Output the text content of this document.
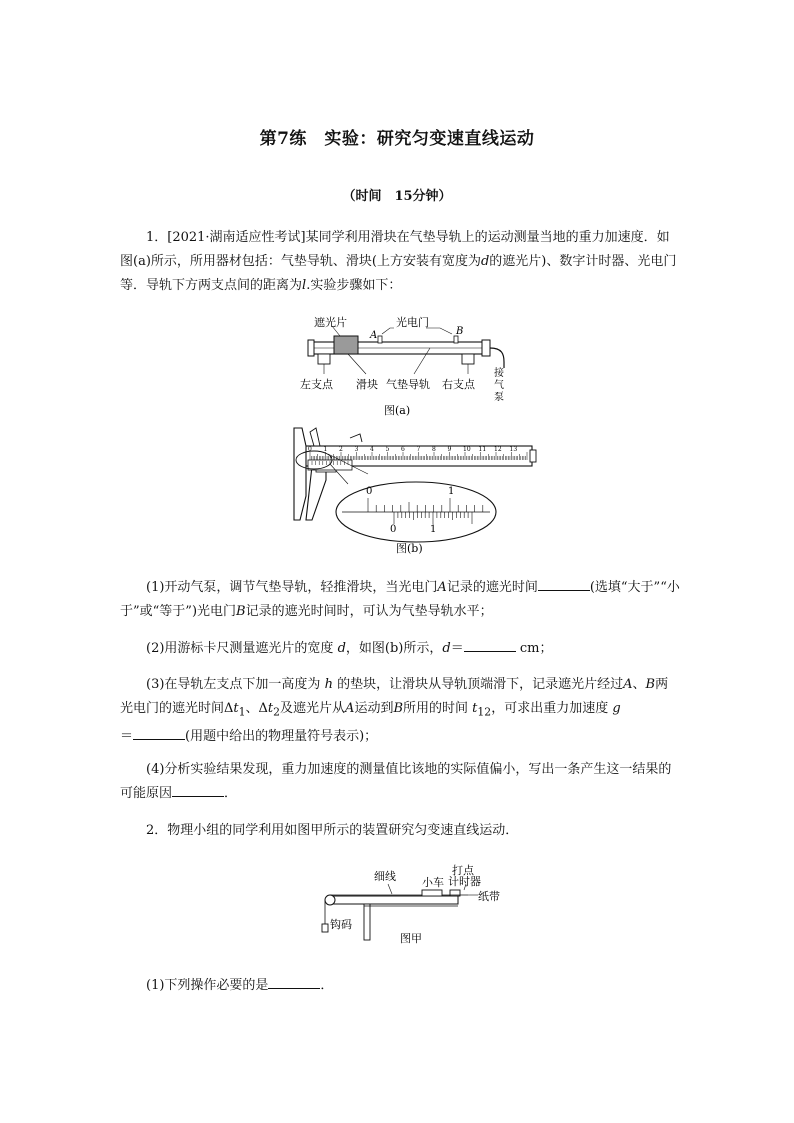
第7练　实验：研究匀变速直线运动
（时间　15分钟）
1．[2021·湖南适应性考试]某同学利用滑块在气垫导轨上的运动测量当地的重力加速度．如图(a)所示，所用器材包括：气垫导轨、滑块(上方安装有宽度为d的遮光片)、数字计时器、光电门等．导轨下方两支点间的距离为l.实验步骤如下：
遮光片	光电门
A	B
左支点 滑块 气垫导轨 右支点
接气泵
图(a)
0 1 2 3 4 5 6 7 8 9 10 11 12 13
0	1
0	1
图(b)
(1)开动气泵，调节气垫导轨，轻推滑块，当光电门A记录的遮光时间	(选填“大于”“小于”或“等于”)光电门B记录的遮光时间时，可认为气垫导轨水平；
(2)用游标卡尺测量遮光片的宽度 d，如图(b)所示，d＝	cm；
(3)在导轨左支点下加一高度为 h 的垫块，让滑块从导轨顶端滑下，记录遮光片经过A、B两光电门的遮光时间$\Delta t_1$、$\Delta t_2$及遮光片从A运动到B所用的时间 $t_{12}$，可求出重力加速度 g
＝	(用题中给出的物理量符号表示)；
(4)分析实验结果发现，重力加速度的测量值比该地的实际值偏小，写出一条产生这一结果的可能原因	．
2．物理小组的同学利用如图甲所示的装置研究匀变速直线运动．
细线 小车
打点计时器
纸带
钩码
图甲
(1)下列操作必要的是	．
